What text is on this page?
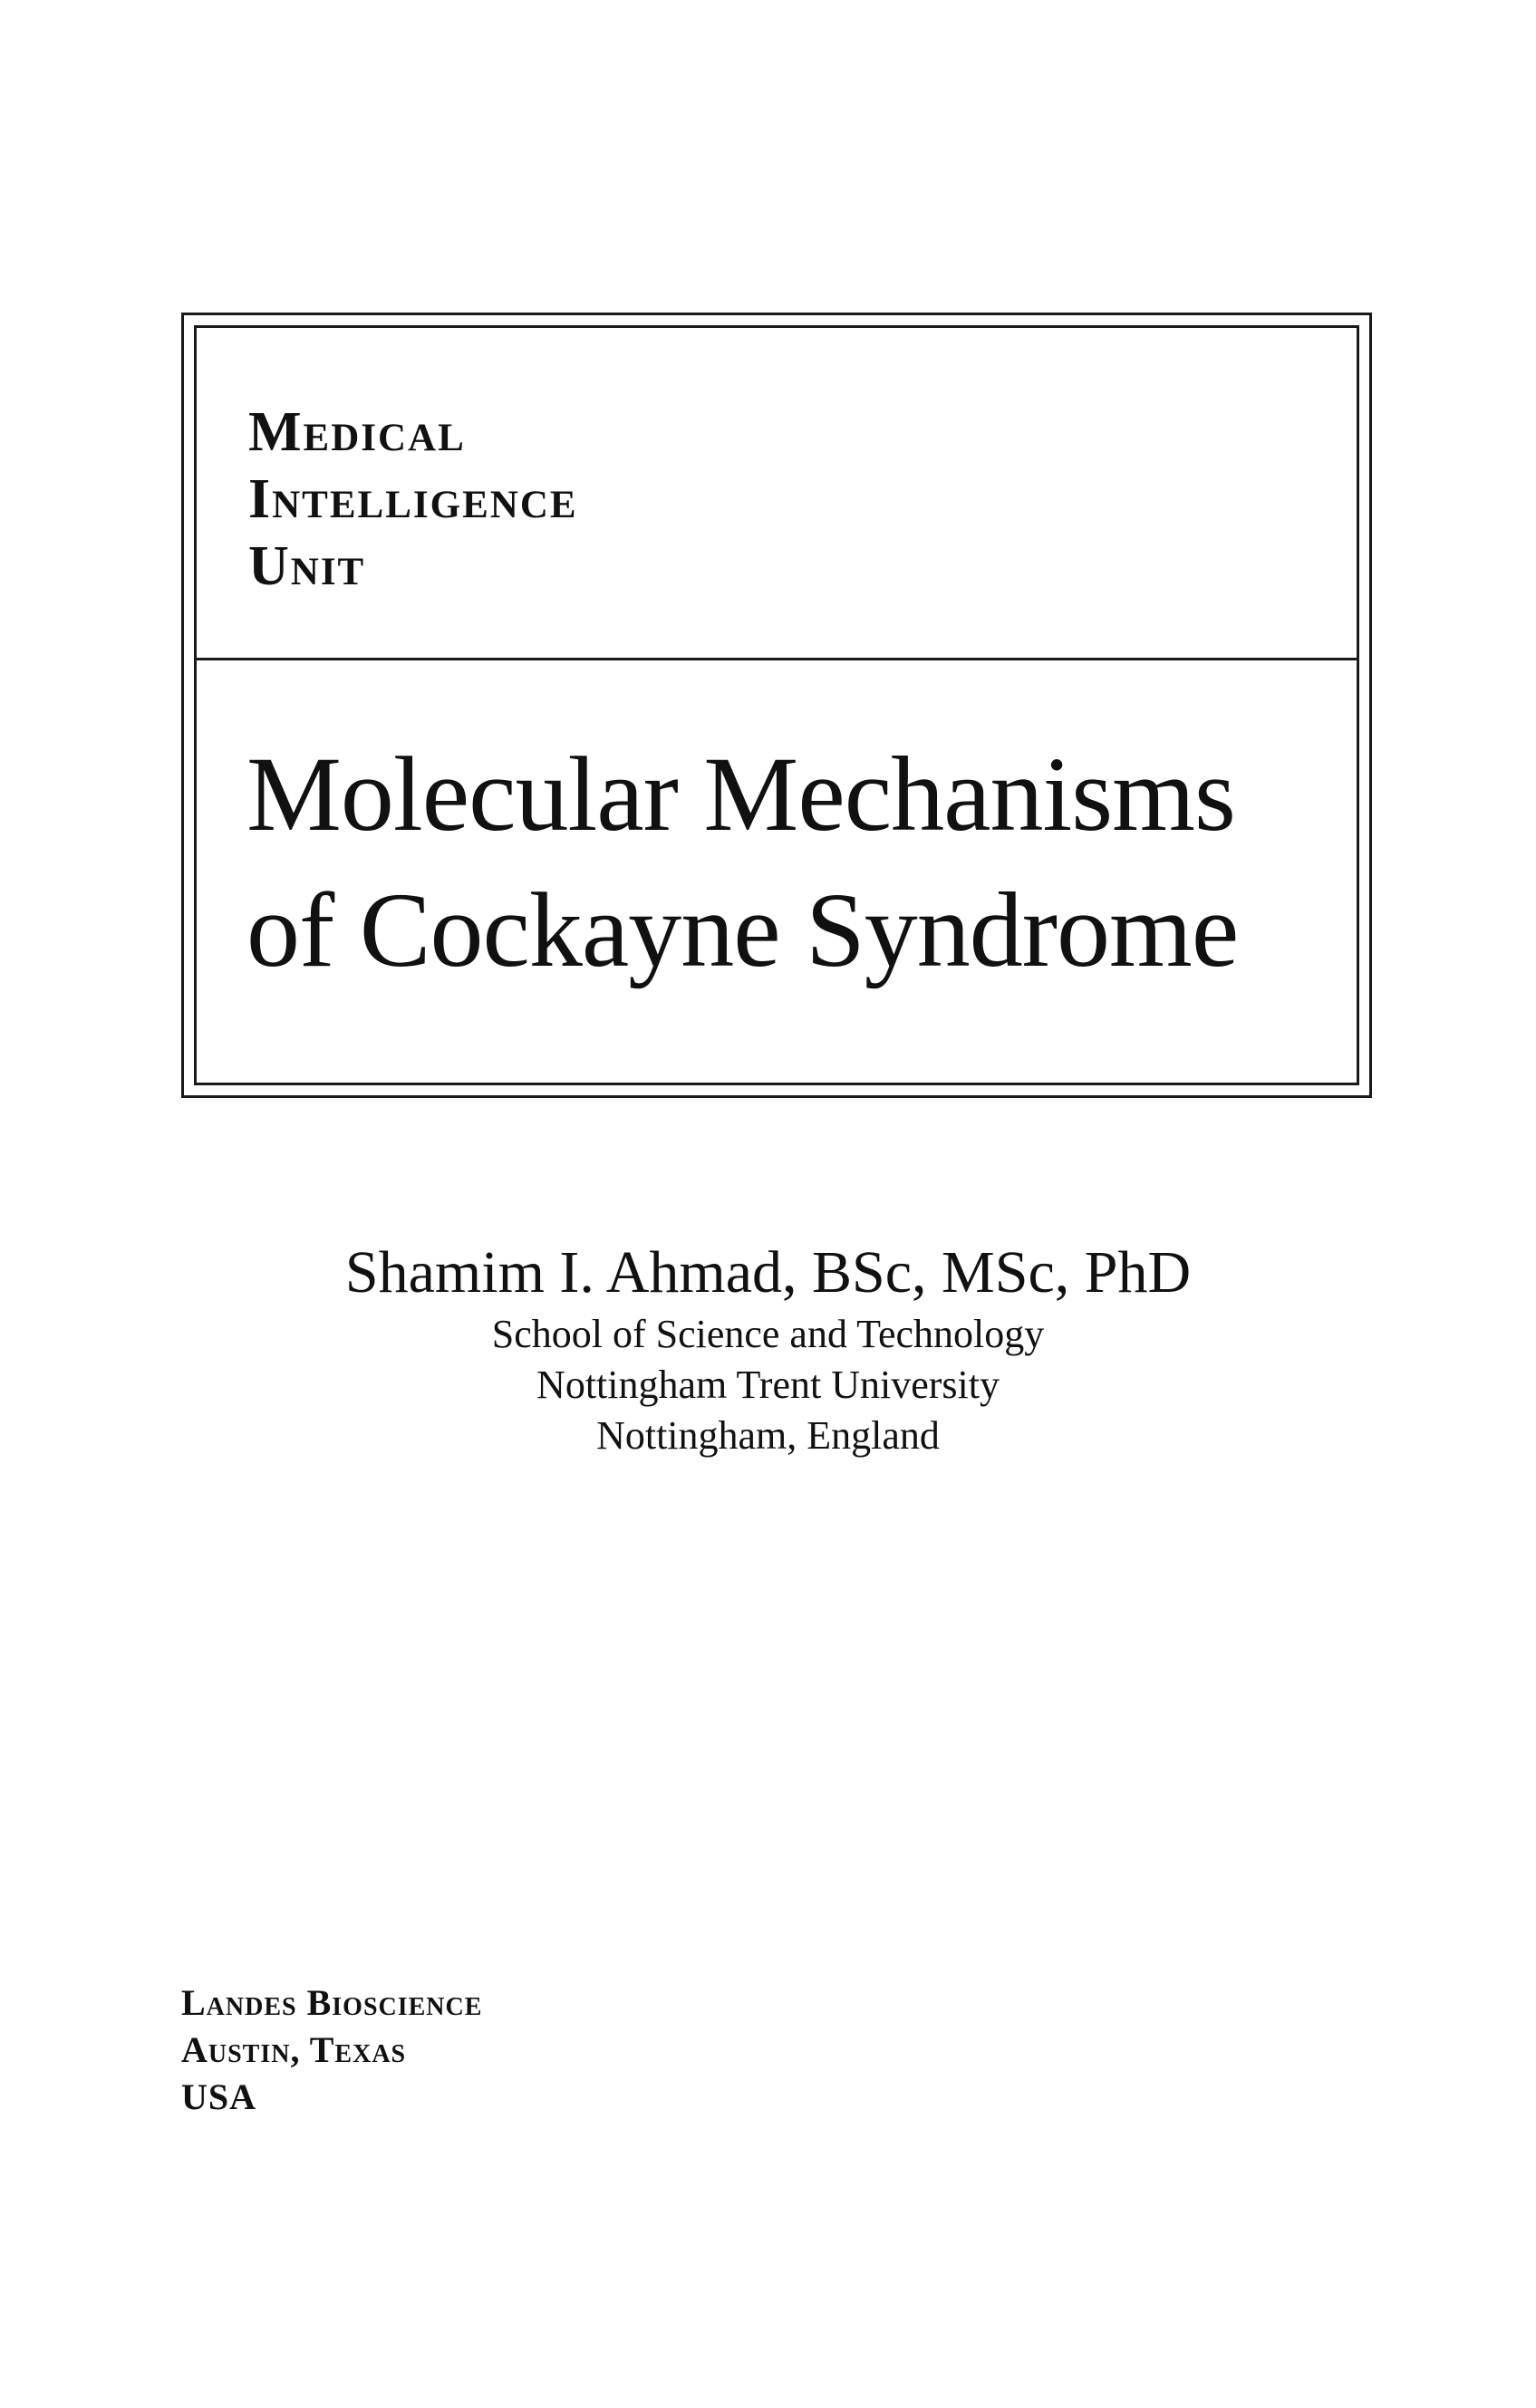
Medical
Intelligence
Unit
Molecular Mechanisms
of Cockayne Syndrome
Shamim I. Ahmad, BSc, MSc, PhD
School of Science and Technology
Nottingham Trent University
Nottingham, England
Landes Bioscience
Austin, Texas
USA
